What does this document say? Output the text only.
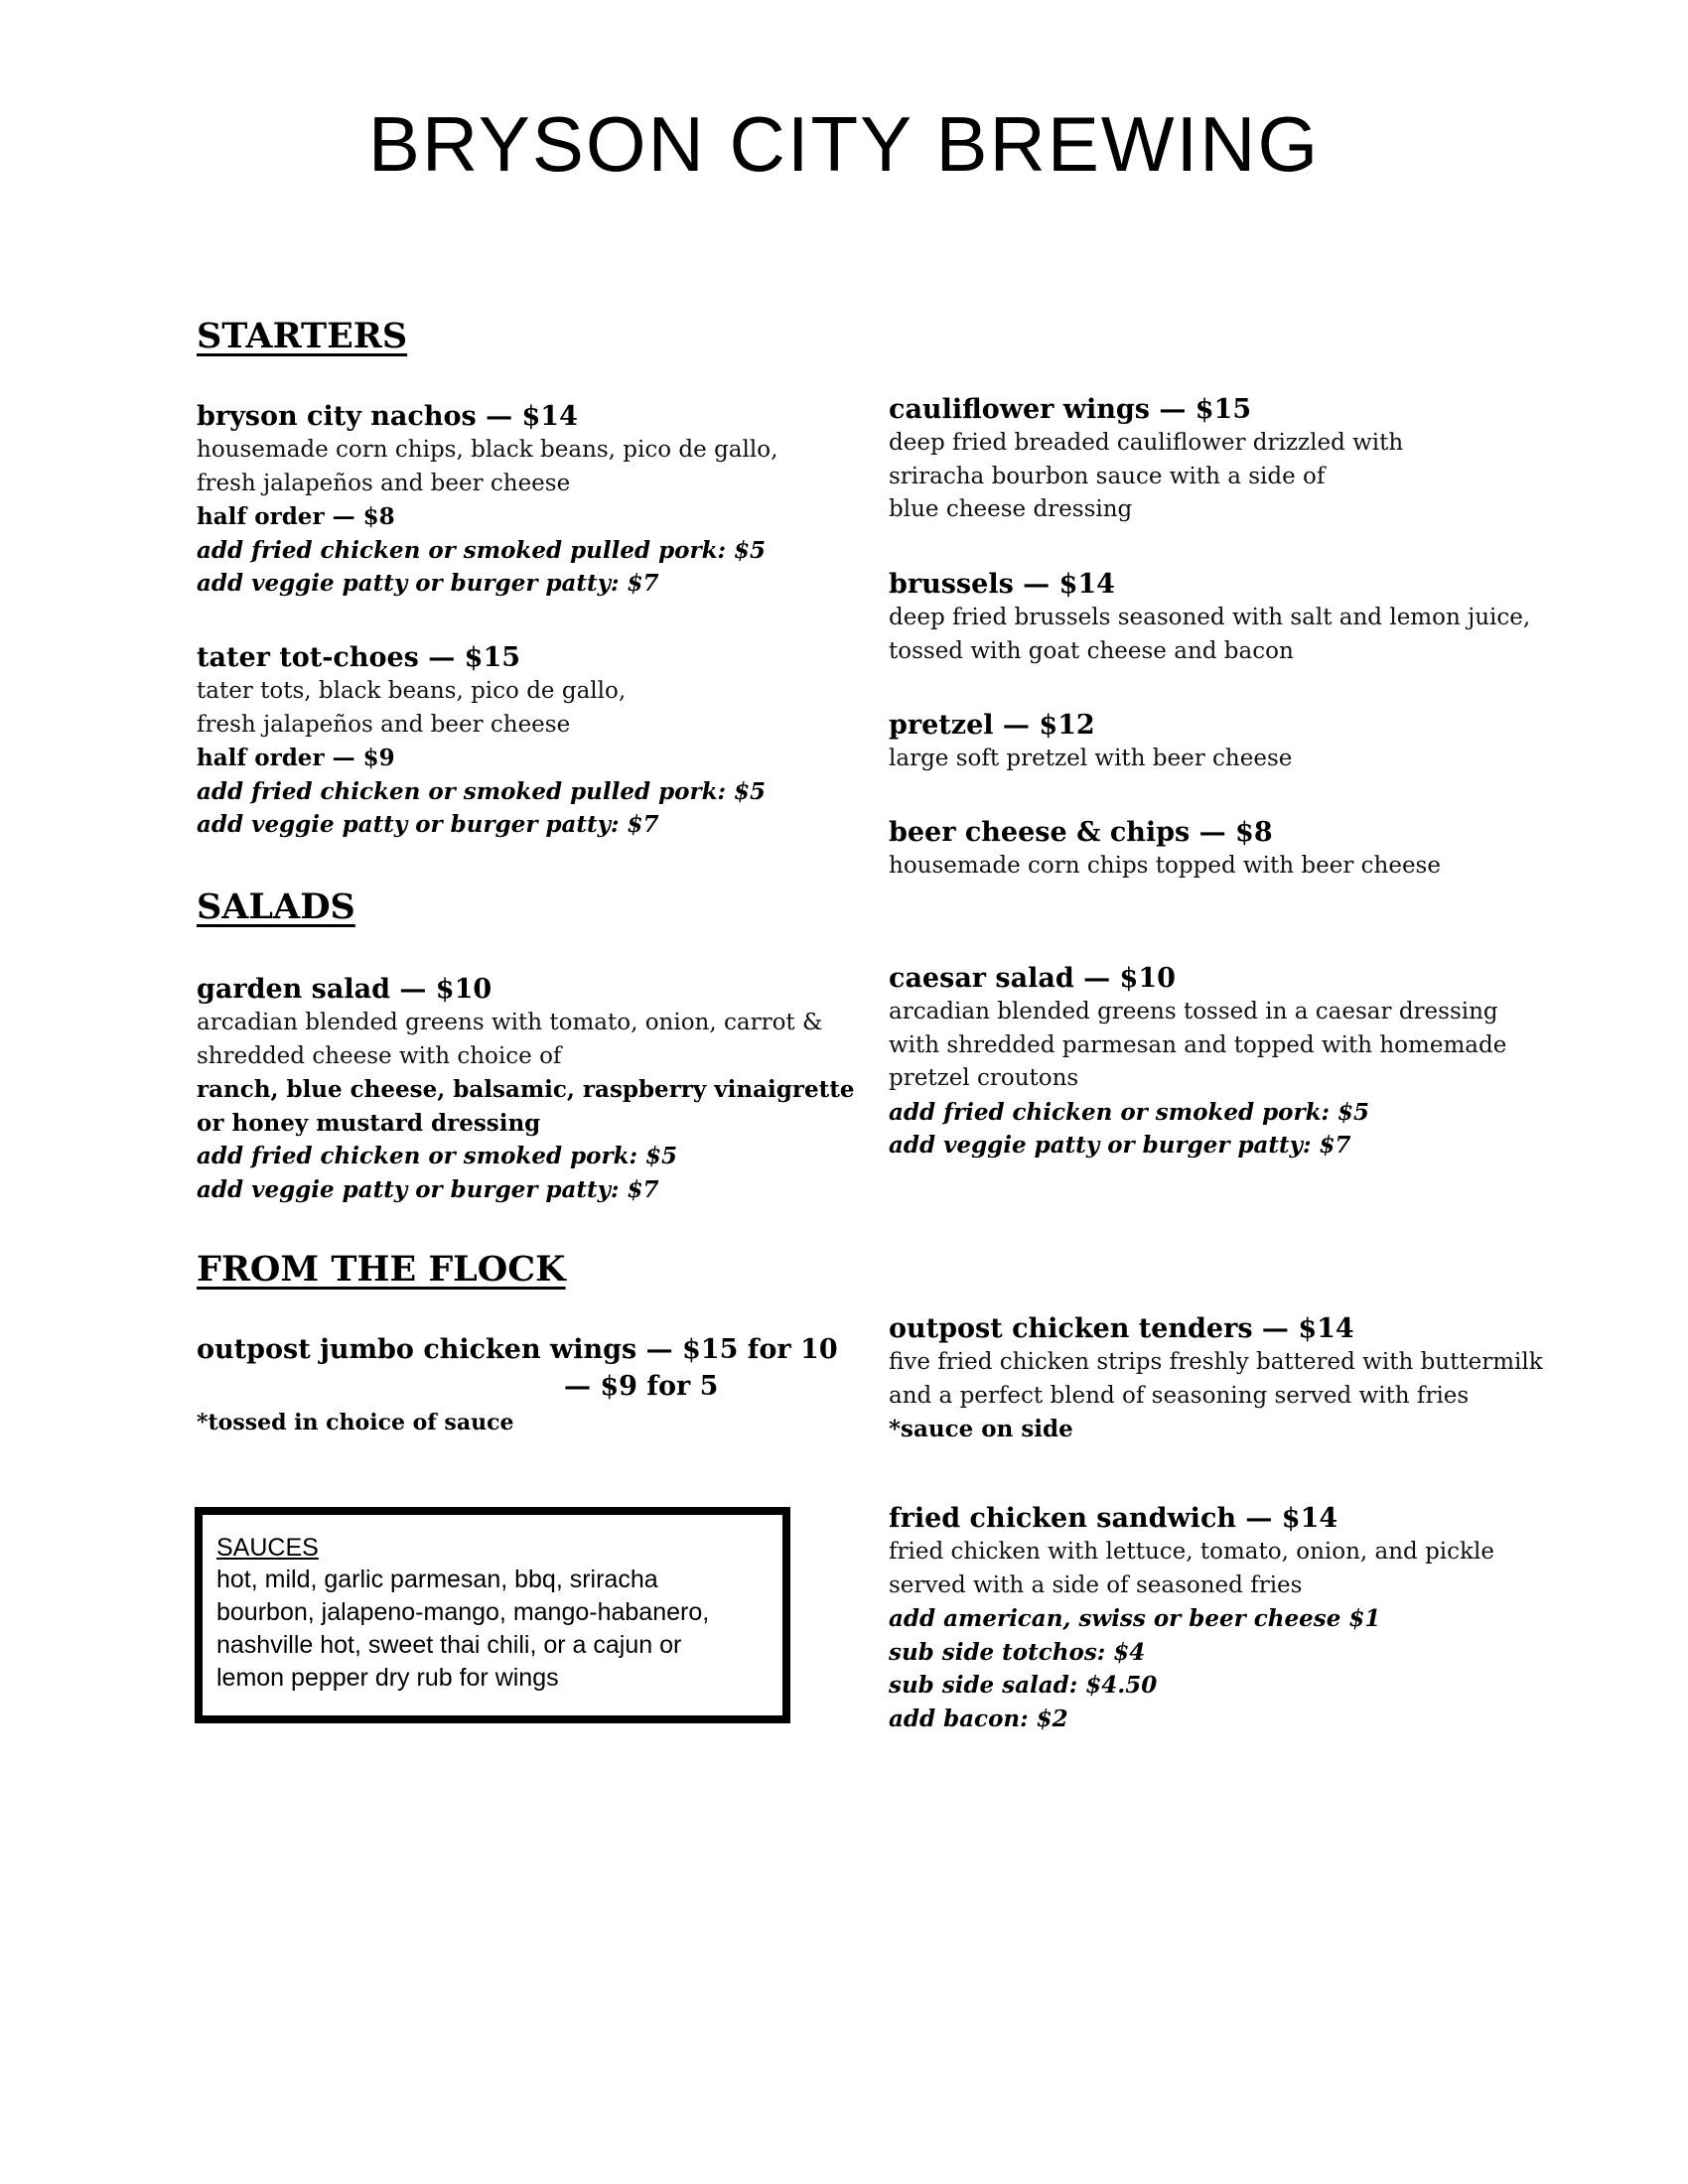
BRYSON CITY BREWING
STARTERS
bryson city nachos — $14
housemade corn chips, black beans, pico de gallo,
fresh jalapeños and beer cheese
half order — $8
add fried chicken or smoked pulled pork: $5
add veggie patty or burger patty: $7
tater tot-choes — $15
tater tots, black beans, pico de gallo,
fresh jalapeños and beer cheese
half order — $9
add fried chicken or smoked pulled pork: $5
add veggie patty or burger patty: $7
cauliflower wings — $15
deep fried breaded cauliflower drizzled with
sriracha bourbon sauce with a side of
blue cheese dressing
brussels — $14
deep fried brussels seasoned with salt and lemon juice,
tossed with goat cheese and bacon
pretzel — $12
large soft pretzel with beer cheese
beer cheese & chips — $8
housemade corn chips topped with beer cheese
SALADS
garden salad — $10
arcadian blended greens with tomato, onion, carrot &
shredded cheese with choice of
ranch, blue cheese, balsamic, raspberry vinaigrette
or honey mustard dressing
add fried chicken or smoked pork: $5
add veggie patty or burger patty: $7
caesar salad — $10
arcadian blended greens tossed in a caesar dressing
with shredded parmesan and topped with homemade
pretzel croutons
add fried chicken or smoked pork: $5
add veggie patty or burger patty: $7
FROM THE FLOCK
outpost jumbo chicken wings — $15 for 10
— $9 for 5
*tossed in choice of sauce
outpost chicken tenders — $14
five fried chicken strips freshly battered with buttermilk
and a perfect blend of seasoning served with fries
*sauce on side
fried chicken sandwich — $14
fried chicken with lettuce, tomato, onion, and pickle
served with a side of seasoned fries
add american, swiss or beer cheese $1
sub side totchos: $4
sub side salad: $4.50
add bacon: $2
SAUCES
hot, mild, garlic parmesan, bbq, sriracha
bourbon, jalapeno-mango, mango-habanero,
nashville hot, sweet thai chili, or a cajun or
lemon pepper dry rub for wings
